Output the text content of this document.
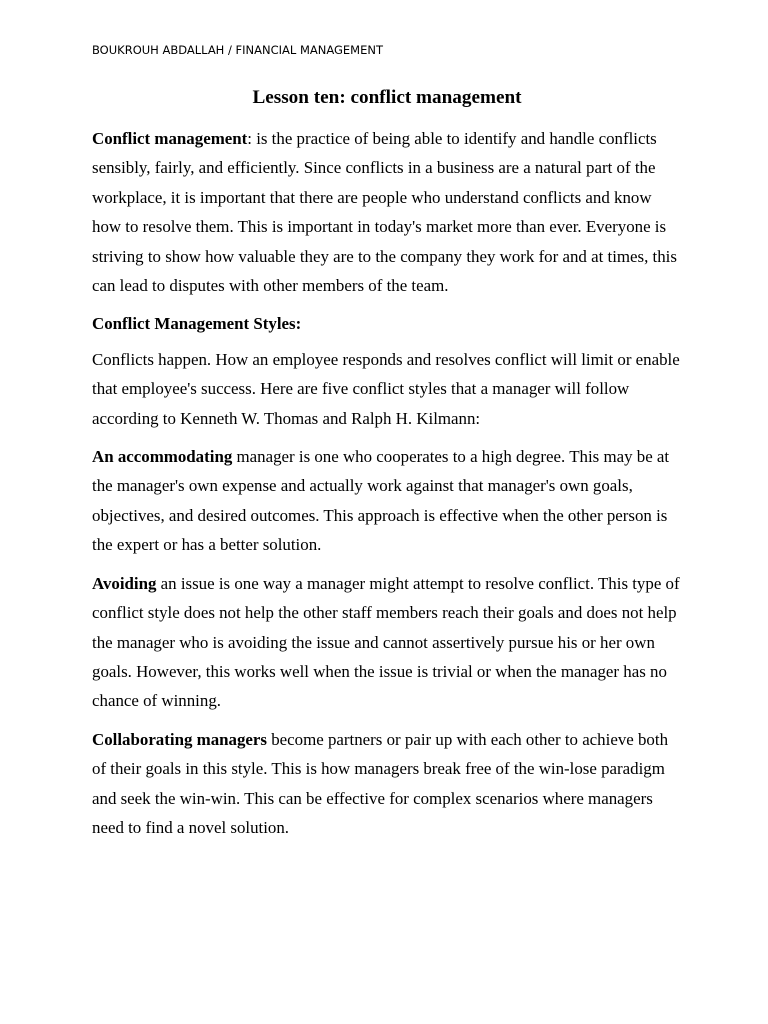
BOUKROUH ABDALLAH / FINANCIAL MANAGEMENT
Lesson ten: conflict management

Conflict management: is the practice of being able to identify and handle conflicts sensibly, fairly, and efficiently. Since conflicts in a business are a natural part of the workplace, it is important that there are people who understand conflicts and know how to resolve them. This is important in today's market more than ever. Everyone is striving to show how valuable they are to the company they work for and at times, this can lead to disputes with other members of the team.

Conflict Management Styles:

Conflicts happen. How an employee responds and resolves conflict will limit or enable that employee's success. Here are five conflict styles that a manager will follow according to Kenneth W. Thomas and Ralph H. Kilmann:

An accommodating manager is one who cooperates to a high degree. This may be at the manager's own expense and actually work against that manager's own goals, objectives, and desired outcomes. This approach is effective when the other person is the expert or has a better solution.

Avoiding an issue is one way a manager might attempt to resolve conflict. This type of conflict style does not help the other staff members reach their goals and does not help the manager who is avoiding the issue and cannot assertively pursue his or her own goals. However, this works well when the issue is trivial or when the manager has no chance of winning.

Collaborating managers become partners or pair up with each other to achieve both of their goals in this style. This is how managers break free of the win-lose paradigm and seek the win-win. This can be effective for complex scenarios where managers need to find a novel solution.
